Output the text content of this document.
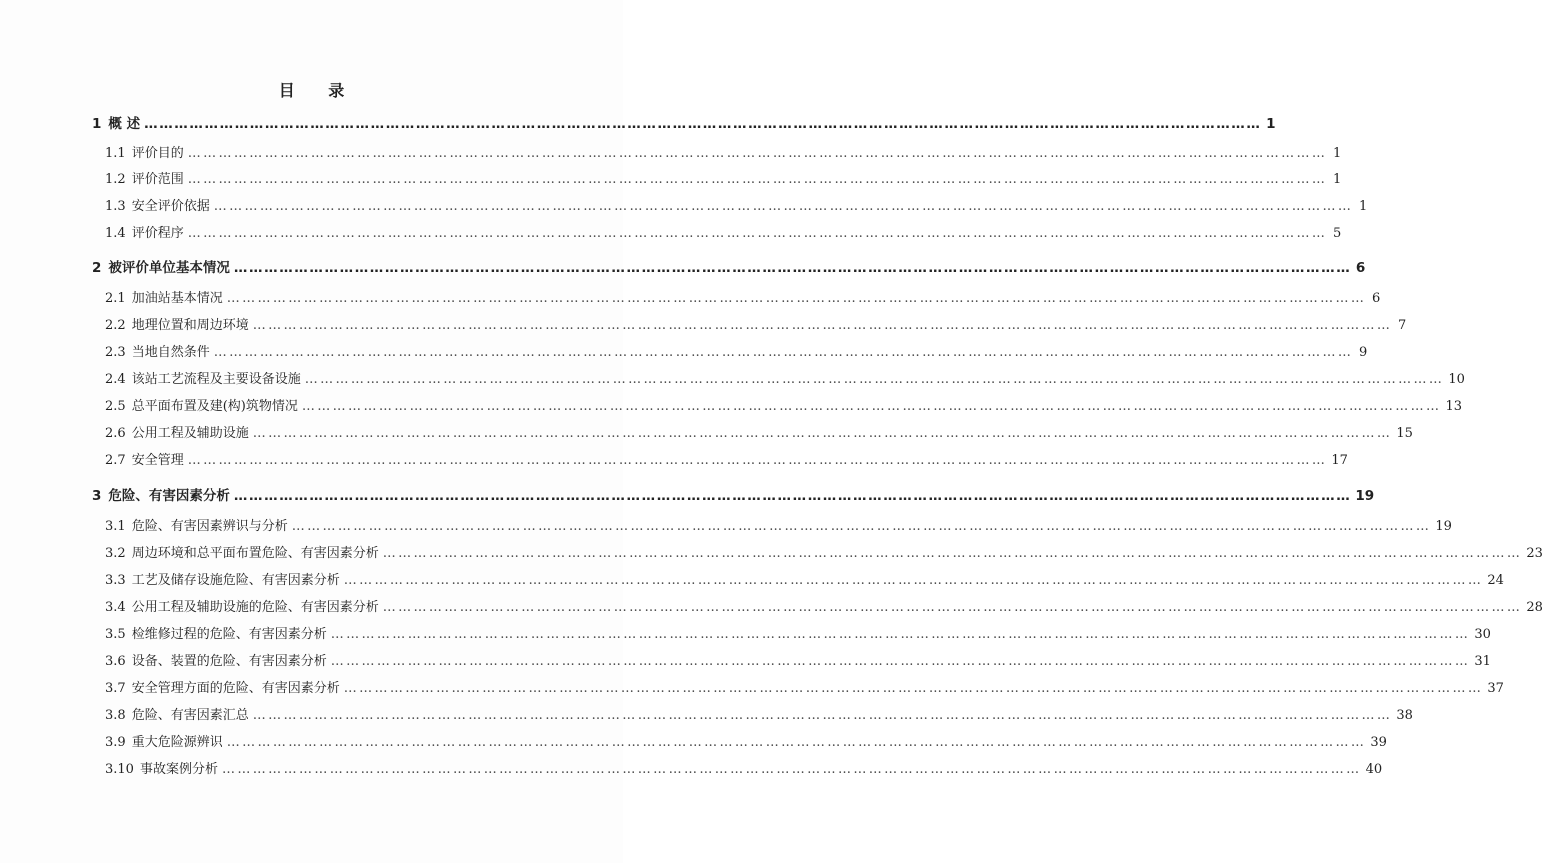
目 录
1 概 述 …………………………………………………………………………………………………………………………………………………………………………………………………… 1
1.1 评价目的 …………………………………………………………………………………………………………………………………………………………………………………………………… 1
1.2 评价范围 …………………………………………………………………………………………………………………………………………………………………………………………………… 1
1.3 安全评价依据 …………………………………………………………………………………………………………………………………………………………………………………………………… 1
1.4 评价程序 …………………………………………………………………………………………………………………………………………………………………………………………………… 5
2 被评价单位基本情况 …………………………………………………………………………………………………………………………………………………………………………………………………… 6
2.1 加油站基本情况 …………………………………………………………………………………………………………………………………………………………………………………………………… 6
2.2 地理位置和周边环境 …………………………………………………………………………………………………………………………………………………………………………………………………… 7
2.3 当地自然条件 …………………………………………………………………………………………………………………………………………………………………………………………………… 9
2.4 该站工艺流程及主要设备设施 …………………………………………………………………………………………………………………………………………………………………………………………………… 10
2.5 总平面布置及建(构)筑物情况 …………………………………………………………………………………………………………………………………………………………………………………………………… 13
2.6 公用工程及辅助设施 …………………………………………………………………………………………………………………………………………………………………………………………………… 15
2.7 安全管理 …………………………………………………………………………………………………………………………………………………………………………………………………… 17
3 危险、有害因素分析 …………………………………………………………………………………………………………………………………………………………………………………………………… 19
3.1 危险、有害因素辨识与分析 …………………………………………………………………………………………………………………………………………………………………………………………………… 19
3.2 周边环境和总平面布置危险、有害因素分析 …………………………………………………………………………………………………………………………………………………………………………………………………… 23
3.3 工艺及储存设施危险、有害因素分析 …………………………………………………………………………………………………………………………………………………………………………………………………… 24
3.4 公用工程及辅助设施的危险、有害因素分析 …………………………………………………………………………………………………………………………………………………………………………………………………… 28
3.5 检维修过程的危险、有害因素分析 …………………………………………………………………………………………………………………………………………………………………………………………………… 30
3.6 设备、装置的危险、有害因素分析 …………………………………………………………………………………………………………………………………………………………………………………………………… 31
3.7 安全管理方面的危险、有害因素分析 …………………………………………………………………………………………………………………………………………………………………………………………………… 37
3.8 危险、有害因素汇总 …………………………………………………………………………………………………………………………………………………………………………………………………… 38
3.9 重大危险源辨识 …………………………………………………………………………………………………………………………………………………………………………………………………… 39
3.10 事故案例分析 …………………………………………………………………………………………………………………………………………………………………………………………………… 40
